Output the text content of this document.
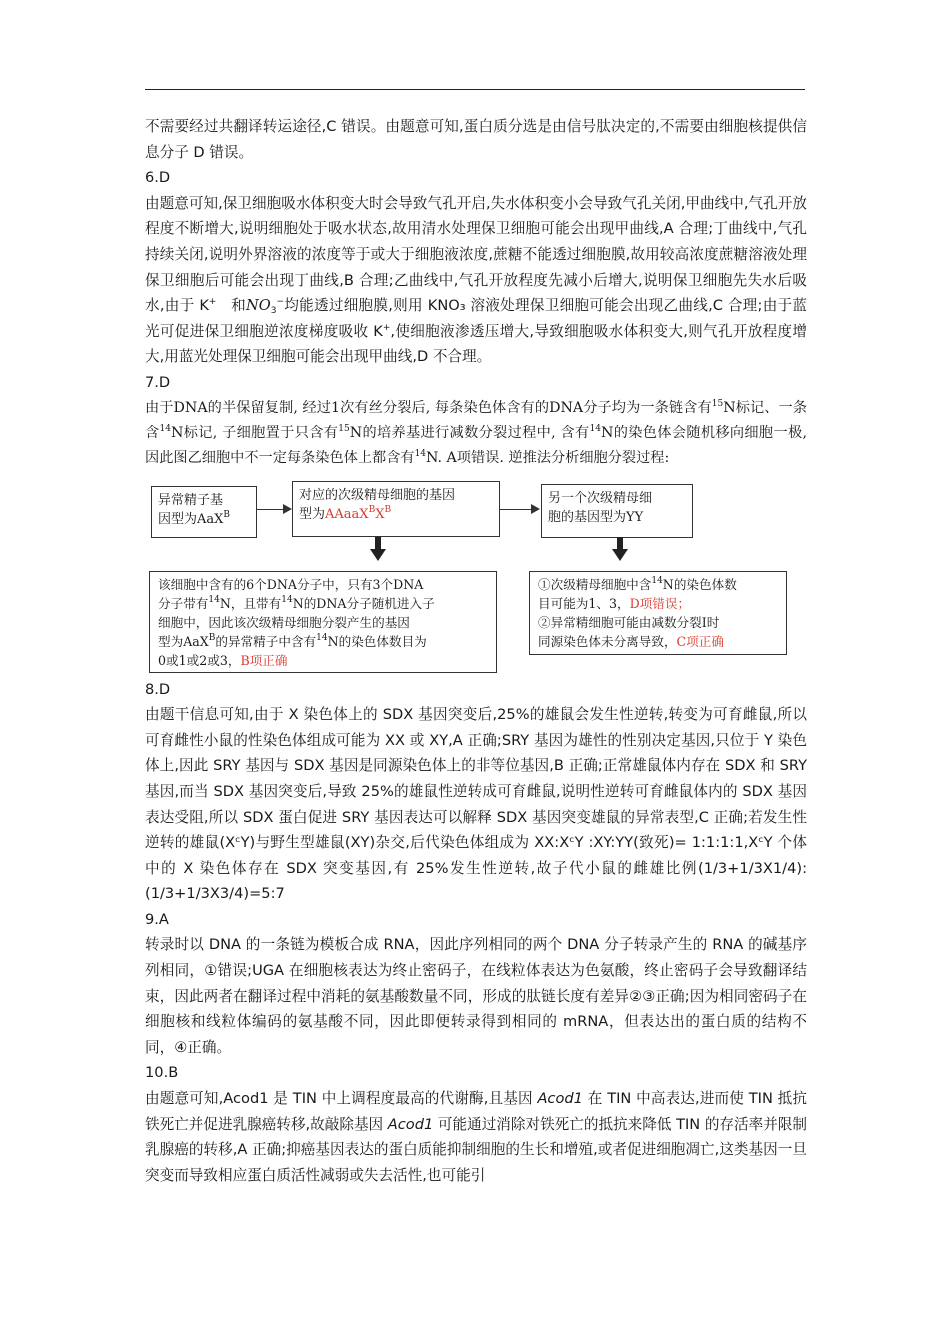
不需要经过共翻译转运途径,C 错误。由题意可知,蛋白质分选是由信号肽决定的,不需要由细胞核提供信息分子 D 错误。

6.D

由题意可知,保卫细胞吸水体积变大时会导致气孔开启,失水体积变小会导致气孔关闭,甲曲线中,气孔开放程度不断增大,说明细胞处于吸水状态,故用清水处理保卫细胞可能会出现甲曲线,A 合理;丁曲线中,气孔持续关闭,说明外界溶液的浓度等于或大于细胞液浓度,蔗糖不能透过细胞膜,故用较高浓度蔗糖溶液处理保卫细胞后可能会出现丁曲线,B 合理;乙曲线中,气孔开放程度先减小后增大,说明保卫细胞先失水后吸水,由于 K+ 和$NO_3^-$均能透过细胞膜,则用 KNO₃ 溶液处理保卫细胞可能会出现乙曲线,C 合理;由于蓝光可促进保卫细胞逆浓度梯度吸收 K+,使细胞液渗透压增大,导致细胞吸水体积变大,则气孔开放程度增大,用蓝光处理保卫细胞可能会出现甲曲线,D 不合理。

7.D

由于DNA的半保留复制, 经过1次有丝分裂后, 每条染色体含有的DNA分子均为一条链含有$^{15}$N标记、一条含$^{14}$N标记, 子细胞置于只含有$^{15}$N的培养基进行减数分裂过程中, 含有$^{14}$N的染色体会随机移向细胞一极, 因此图乙细胞中不一定每条染色体上都含有$^{14}$N. A项错误. 逆推法分析细胞分裂过程:

异常精子基
因型为AaX$^B$
对应的次级精母细胞的基因
型为$AAaaX^BX^B$
另一个次级精母细
胞的基因型为YY
该细胞中含有的6个DNA分子中，只有3个DNA
分子带有$^{14}$N，且带有$^{14}$N的DNA分子随机进入子
细胞中，因此该次级精母细胞分裂产生的基因
型为AaX$^B$的异常精子中含有$^{14}$N的染色体数目为
0或1或2或3，B项正确
①次级精母细胞中含$^{14}$N的染色体数
目可能为1、3，D项错误；
②异常精细胞可能由减数分裂Ⅰ时
同源染色体未分离导致，C项正确

8.D

由题干信息可知,由于 X 染色体上的 SDX 基因突变后,25%的雄鼠会发生性逆转,转变为可育雌鼠,所以可育雌性小鼠的性染色体组成可能为 XX 或 XY,A 正确;SRY 基因为雄性的性别决定基因,只位于 Y 染色体上,因此 SRY 基因与 SDX 基因是同源染色体上的非等位基因,B 正确;正常雄鼠体内存在 SDX 和 SRY 基因,而当 SDX 基因突变后,导致 25%的雄鼠性逆转成可育雌鼠,说明性逆转可育雌鼠体内的 SDX 基因表达受阻,所以 SDX 蛋白促进 SRY 基因表达可以解释 SDX 基因突变雄鼠的异常表型,C 正确;若发生性逆转的雄鼠(XᶜY)与野生型雄鼠(XY)杂交,后代染色体组成为 XX:XᶜY :XY:YY(致死)= 1:1:1:1,XᶜY 个体中的 X 染色体存在 SDX 突变基因,有 25%发生性逆转,故子代小鼠的雌雄比例(1/3+1/3X1/4):(1/3+1/3X3/4)=5:7

9.A

转录时以 DNA 的一条链为模板合成 RNA，因此序列相同的两个 DNA 分子转录产生的 RNA 的碱基序列相同，①错误;UGA 在细胞核表达为终止密码子，在线粒体表达为色氨酸，终止密码子会导致翻译结束，因此两者在翻译过程中消耗的氨基酸数量不同，形成的肽链长度有差异②③正确;因为相同密码子在细胞核和线粒体编码的氨基酸不同，因此即便转录得到相同的 mRNA，但表达出的蛋白质的结构不同，④正确。

10.B

由题意可知,Acod1 是 TIN 中上调程度最高的代谢酶,且基因 Acod1 在 TIN 中高表达,进而使 TIN 抵抗铁死亡并促进乳腺癌转移,故敲除基因 Acod1 可能通过消除对铁死亡的抵抗来降低 TIN 的存活率并限制乳腺癌的转移,A 正确;抑癌基因表达的蛋白质能抑制细胞的生长和增殖,或者促进细胞凋亡,这类基因一旦突变而导致相应蛋白质活性减弱或失去活性,也可能引
